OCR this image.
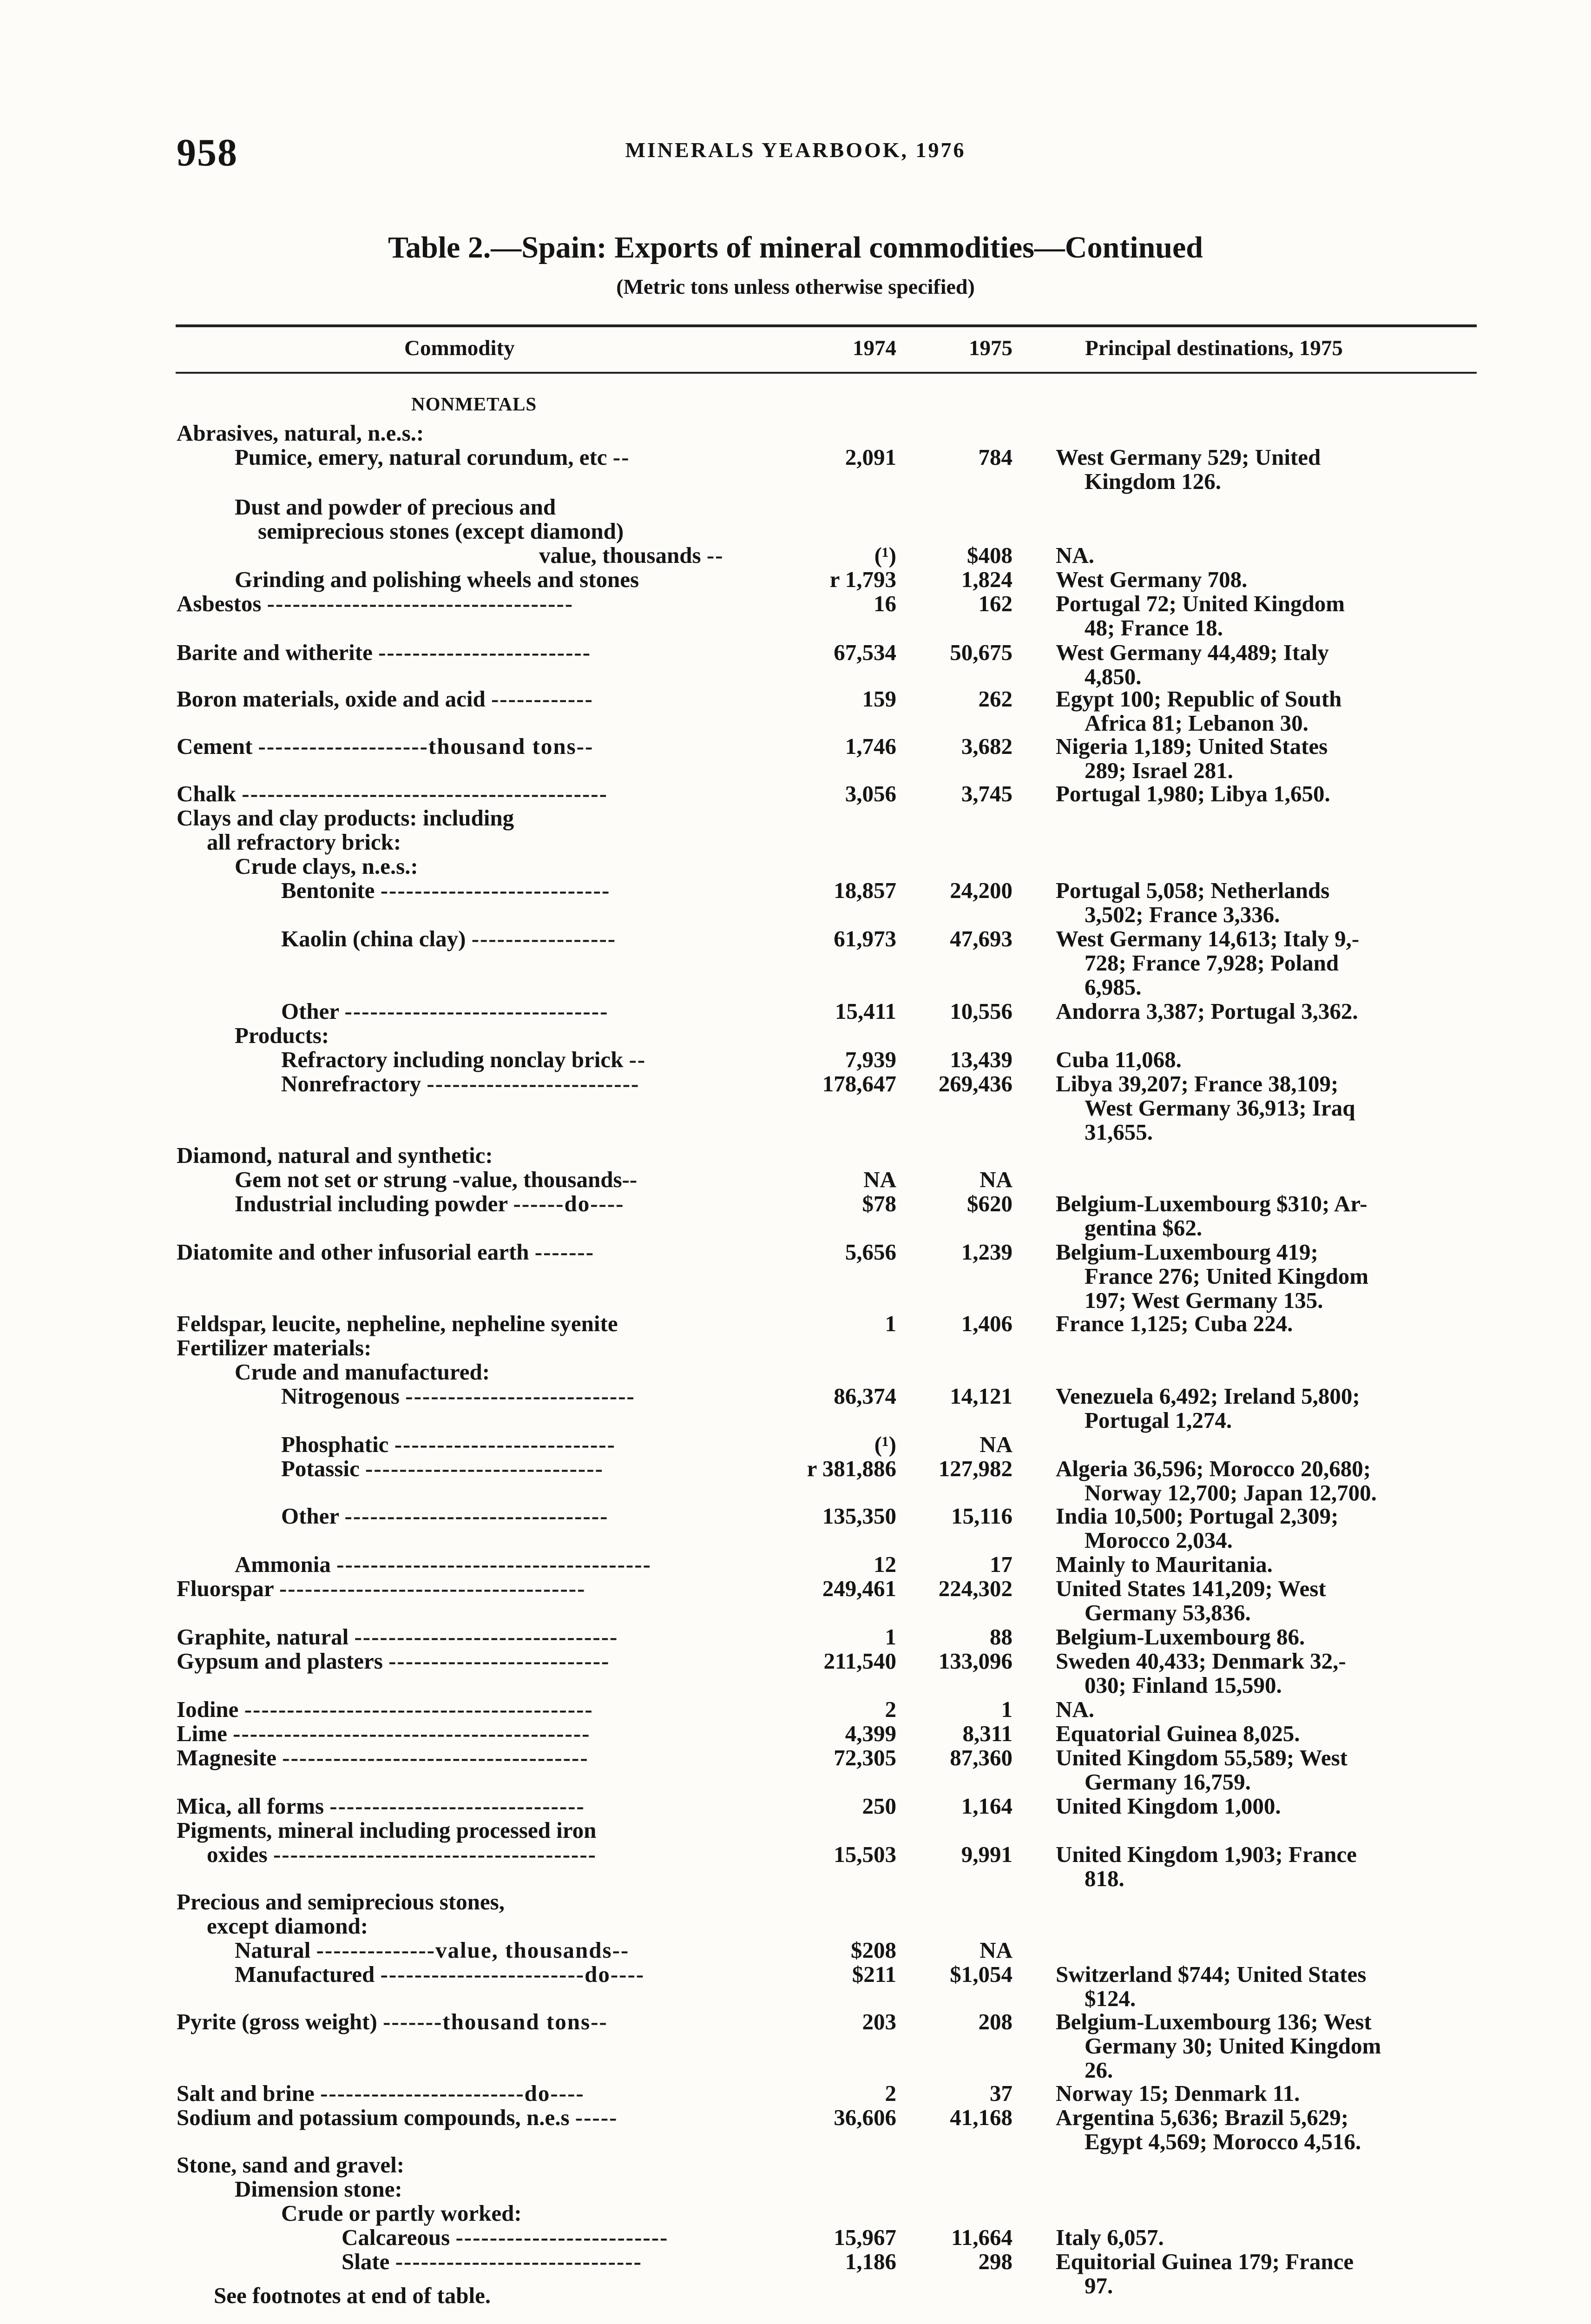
958	MINERALS YEARBOOK, 1976
Table 2.—Spain: Exports of mineral commodities—Continued
(Metric tons unless otherwise specified)
Commodity	1974	1975	Principal destinations, 1975
NONMETALS
Abrasives, natural, n.e.s.:
Pumice, emery, natural corundum, etc --	2,091	784 West Germany 529; United
Kingdom 126.
Dust and powder of precious and
semiprecious stones (except diamond)
value, thousands --	(¹)	$408 NA.
Grinding and polishing wheels and stones	r 1,793	1,824 West Germany 708.
Asbestos ------------------------------------	16	162 Portugal 72; United Kingdom
48; France 18.
Barite and witherite -------------------------	67,534 50,675 West Germany 44,489; Italy
4,850.
Boron materials, oxide and acid ------------	159	262 Egypt 100; Republic of South
Africa 81; Lebanon 30.
Cement --------------------thousand tons--	1,746	3,682 Nigeria 1,189; United States
289; Israel 281.
Chalk -------------------------------------------	3,056	3,745 Portugal 1,980; Libya 1,650.
Clays and clay products: including
all refractory brick:
Crude clays, n.e.s.:
Bentonite ---------------------------	18,857 24,200 Portugal 5,058; Netherlands
3,502; France 3,336.
Kaolin (china clay) -----------------	61,973 47,693 West Germany 14,613; Italy 9,-
728; France 7,928; Poland
6,985.
Other -------------------------------	15,411 10,556 Andorra 3,387; Portugal 3,362.
Products:
Refractory including nonclay brick --	7,939 13,439 Cuba 11,068.
Nonrefractory -------------------------	178,647 269,436 Libya 39,207; France 38,109;
West Germany 36,913; Iraq
31,655.
Diamond, natural and synthetic:
Gem not set or strung -value, thousands--	NA	NA
Industrial including powder ------do----	$78	$620 Belgium-Luxembourg $310; Ar-
gentina $62.
Diatomite and other infusorial earth -------	5,656	1,239 Belgium-Luxembourg 419;
France 276; United Kingdom
197; West Germany 135.
Feldspar, leucite, nepheline, nepheline syenite	1	1,406 France 1,125; Cuba 224.
Fertilizer materials:
Crude and manufactured:
Nitrogenous ---------------------------	86,374 14,121 Venezuela 6,492; Ireland 5,800;
Portugal 1,274.
Phosphatic --------------------------	(¹)	NA
Potassic ----------------------------	r 381,886 127,982 Algeria 36,596; Morocco 20,680;
Norway 12,700; Japan 12,700.
Other -------------------------------	135,350 15,116 India 10,500; Portugal 2,309;
Morocco 2,034.
Ammonia -------------------------------------	12	17 Mainly to Mauritania.
Fluorspar ------------------------------------	249,461 224,302 United States 141,209; West
Germany 53,836.
Graphite, natural -------------------------------	1	88 Belgium-Luxembourg 86.
Gypsum and plasters --------------------------	211,540 133,096 Sweden 40,433; Denmark 32,-
030; Finland 15,590.
Iodine -----------------------------------------	2	1 NA.
Lime ------------------------------------------	4,399	8,311 Equatorial Guinea 8,025.
Magnesite ------------------------------------	72,305 87,360 United Kingdom 55,589; West
Germany 16,759.
Mica, all forms ------------------------------	250	1,164 United Kingdom 1,000.
Pigments, mineral including processed iron
oxides --------------------------------------	15,503	9,991 United Kingdom 1,903; France
818.
Precious and semiprecious stones,
except diamond:
Natural --------------value, thousands--	$208	NA
Manufactured ------------------------do----	$211 $1,054 Switzerland $744; United States
$124.
Pyrite (gross weight) -------thousand tons--	203	208 Belgium-Luxembourg 136; West
Germany 30; United Kingdom
26.
Salt and brine ------------------------do----	2	37 Norway 15; Denmark 11.
Sodium and potassium compounds, n.e.s -----	36,606 41,168 Argentina 5,636; Brazil 5,629;
Egypt 4,569; Morocco 4,516.
Stone, sand and gravel:
Dimension stone:
Crude or partly worked:
Calcareous -------------------------	15,967 11,664 Italy 6,057.
Slate -----------------------------	1,186	298 Equitorial Guinea 179; France
97.
See footnotes at end of table.
